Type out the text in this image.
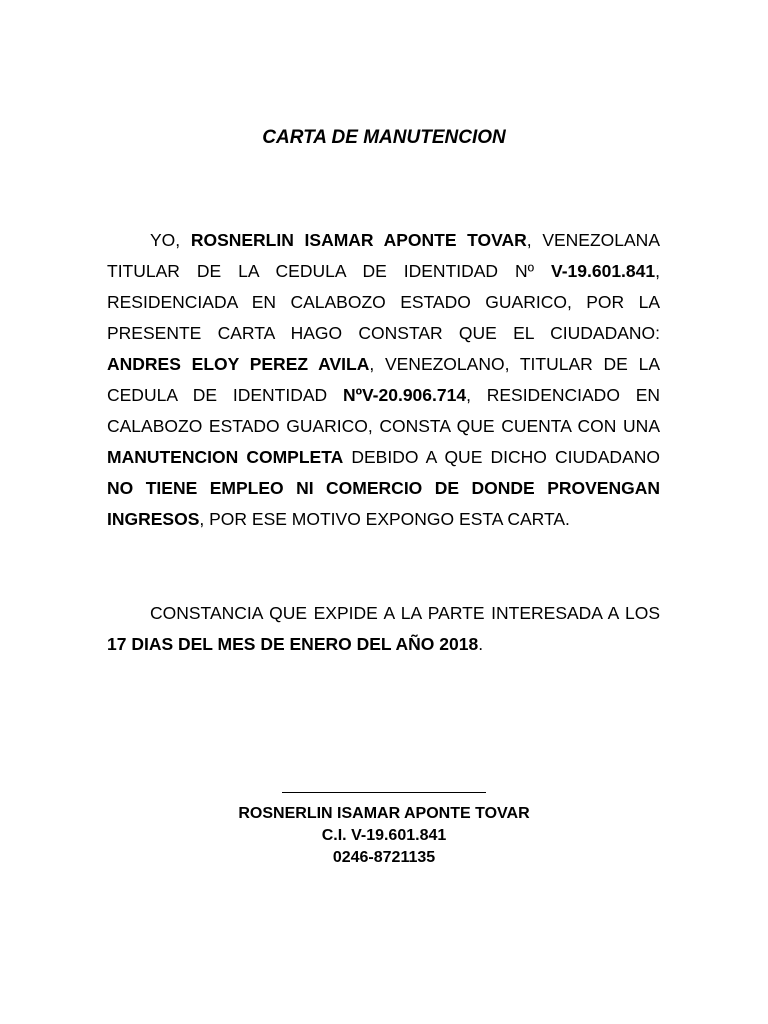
CARTA DE MANUTENCION

YO, ROSNERLIN ISAMAR APONTE TOVAR, VENEZOLANA TITULAR DE LA CEDULA DE IDENTIDAD Nº V-19.601.841, RESIDENCIADA EN CALABOZO ESTADO GUARICO, POR LA PRESENTE CARTA HAGO CONSTAR QUE EL CIUDADANO: ANDRES ELOY PEREZ AVILA, VENEZOLANO, TITULAR DE LA CEDULA DE IDENTIDAD NºV-20.906.714, RESIDENCIADO EN CALABOZO ESTADO GUARICO, CONSTA QUE CUENTA CON UNA MANUTENCION COMPLETA DEBIDO A QUE DICHO CIUDADANO NO TIENE EMPLEO NI COMERCIO DE DONDE PROVENGAN INGRESOS, POR ESE MOTIVO EXPONGO ESTA CARTA.

CONSTANCIA QUE EXPIDE A LA PARTE INTERESADA A LOS 17 DIAS DEL MES DE ENERO DEL AÑO 2018.

ROSNERLIN ISAMAR APONTE TOVAR
C.I. V-19.601.841
0246-8721135
